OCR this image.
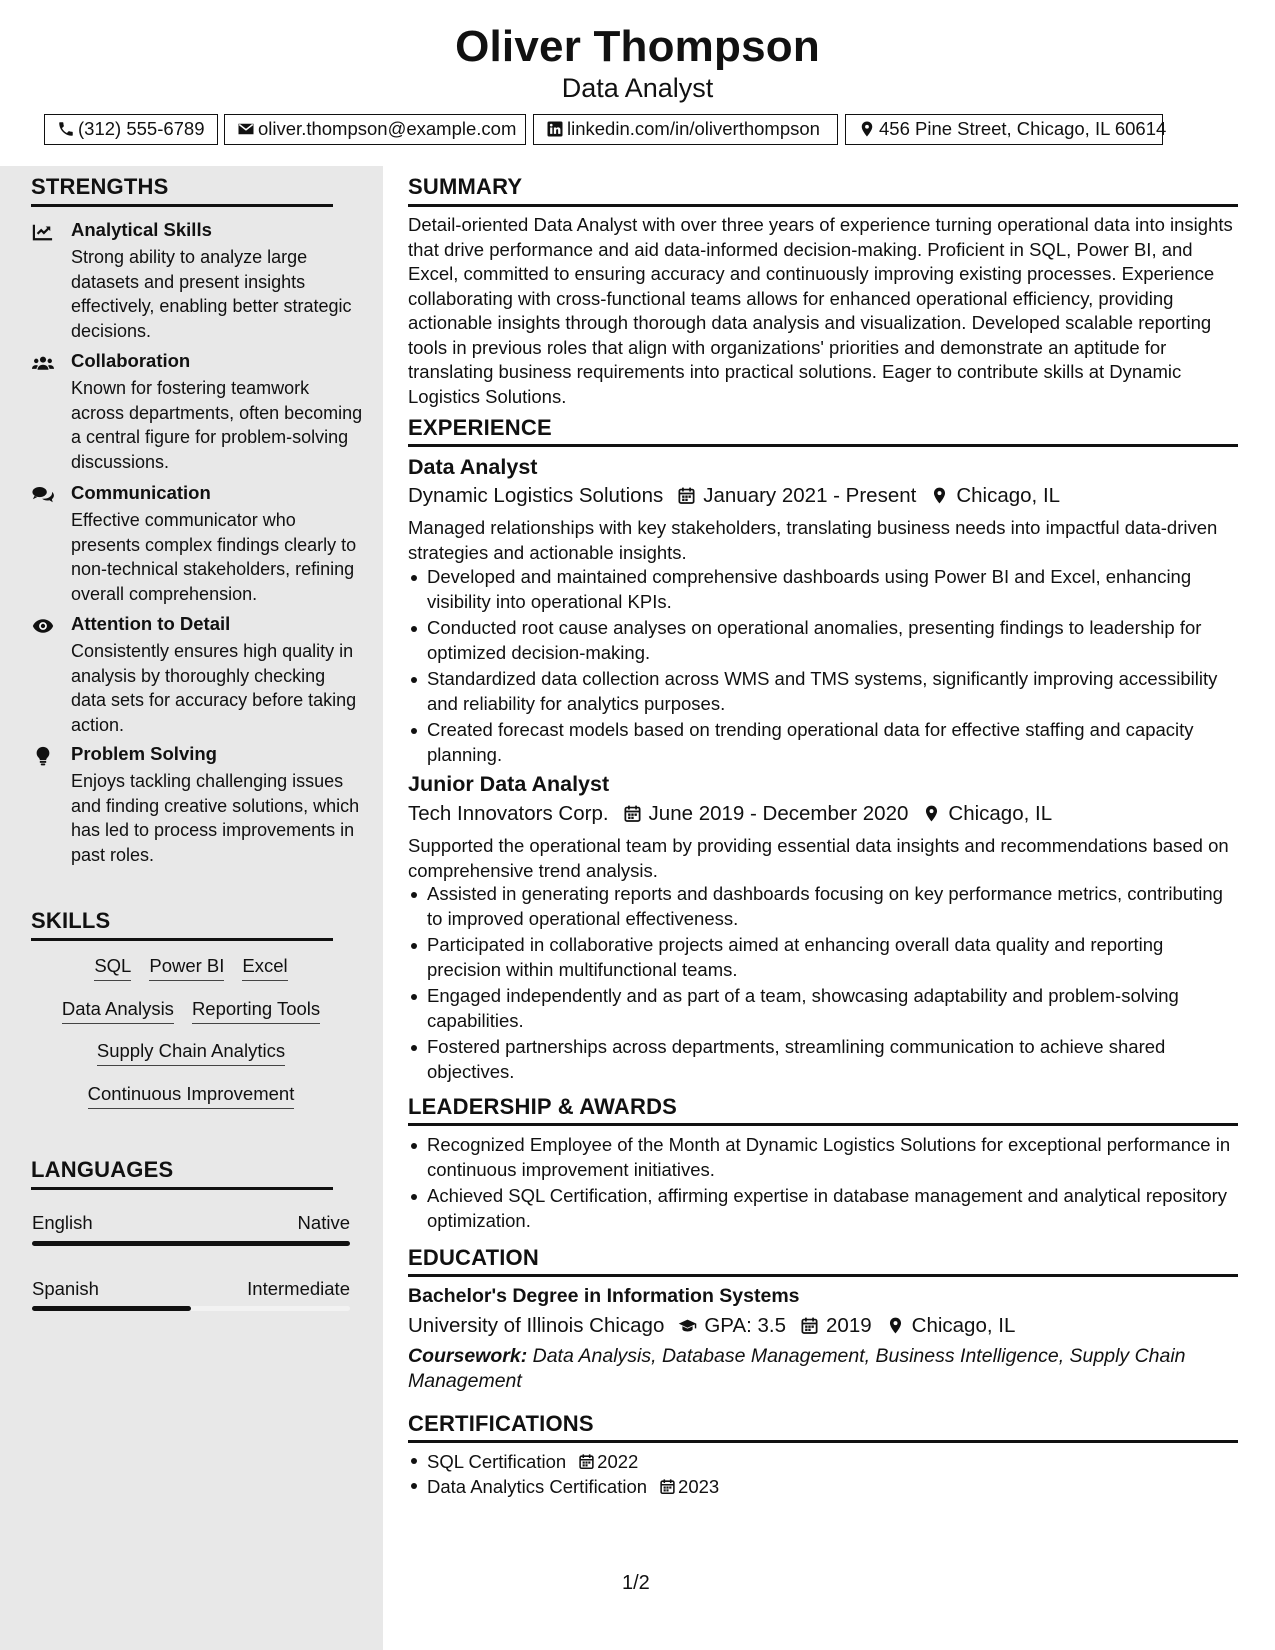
Oliver Thompson
Data Analyst
(312) 555-6789	oliver.thompson@example.com	linkedin.com/in/oliverthompson	456 Pine Street, Chicago, IL 60614
STRENGTHS
Analytical Skills
Strong ability to analyze large datasets and present insights effectively, enabling better strategic decisions.
Collaboration
Known for fostering teamwork across departments, often becoming a central figure for problem-solving discussions.
Communication
Effective communicator who presents complex findings clearly to non-technical stakeholders, refining overall comprehension.
Attention to Detail
Consistently ensures high quality in analysis by thoroughly checking data sets for accuracy before taking action.
Problem Solving
Enjoys tackling challenging issues and finding creative solutions, which has led to process improvements in past roles.
SKILLS
SQL Power BI Excel
Data Analysis Reporting Tools
Supply Chain Analytics
Continuous Improvement
LANGUAGES
English	Native
Spanish	Intermediate
SUMMARY
Detail-oriented Data Analyst with over three years of experience turning operational data into insights that drive performance and aid data-informed decision-making. Proficient in SQL, Power BI, and Excel, committed to ensuring accuracy and continuously improving existing processes. Experience collaborating with cross-functional teams allows for enhanced operational efficiency, providing actionable insights through thorough data analysis and visualization. Developed scalable reporting tools in previous roles that align with organizations' priorities and demonstrate an aptitude for translating business requirements into practical solutions. Eager to contribute skills at Dynamic Logistics Solutions.
EXPERIENCE
Data Analyst
Dynamic Logistics Solutions January 2021 - Present Chicago, IL
Managed relationships with key stakeholders, translating business needs into impactful data-driven strategies and actionable insights.
Developed and maintained comprehensive dashboards using Power BI and Excel, enhancing visibility into operational KPIs.
Conducted root cause analyses on operational anomalies, presenting findings to leadership for optimized decision-making.
Standardized data collection across WMS and TMS systems, significantly improving accessibility and reliability for analytics purposes.
Created forecast models based on trending operational data for effective staffing and capacity planning.
Junior Data Analyst
Tech Innovators Corp. June 2019 - December 2020 Chicago, IL
Supported the operational team by providing essential data insights and recommendations based on comprehensive trend analysis.
Assisted in generating reports and dashboards focusing on key performance metrics, contributing to improved operational effectiveness.
Participated in collaborative projects aimed at enhancing overall data quality and reporting precision within multifunctional teams.
Engaged independently and as part of a team, showcasing adaptability and problem-solving capabilities.
Fostered partnerships across departments, streamlining communication to achieve shared objectives.
LEADERSHIP & AWARDS
Recognized Employee of the Month at Dynamic Logistics Solutions for exceptional performance in continuous improvement initiatives.
Achieved SQL Certification, affirming expertise in database management and analytical repository optimization.
EDUCATION
Bachelor's Degree in Information Systems
University of Illinois Chicago GPA: 3.5 2019 Chicago, IL
Coursework: Data Analysis, Database Management, Business Intelligence, Supply Chain Management
CERTIFICATIONS
SQL Certification 2022
Data Analytics Certification 2023
1/2
